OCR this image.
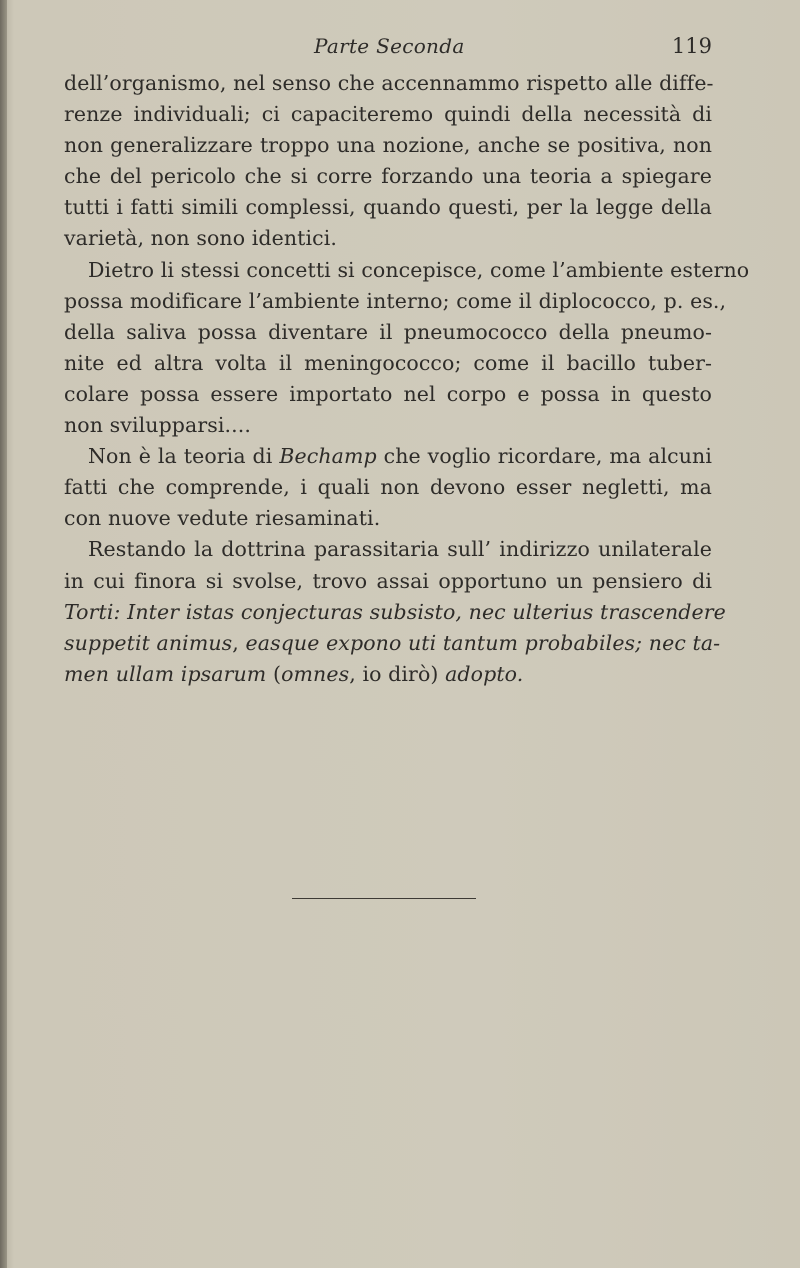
Parte Seconda	119
dell’organismo, nel senso che accennammo rispetto alle diffe-
renze individuali; ci capaciteremo quindi della necessità di
non generalizzare troppo una nozione, anche se positiva, non
che del pericolo che si corre forzando una teoria a spiegare
tutti i fatti simili complessi, quando questi, per la legge della
varietà, non sono identici.
Dietro li stessi concetti si concepisce, come l’ambiente esterno
possa modificare l’ambiente interno; come il diplococco, p. es.,
della saliva possa diventare il pneumococco della pneumo-
nite ed altra volta il meningococco; come il bacillo tuber-
colare possa essere importato nel corpo e possa in questo
non svilupparsi....
Non è la teoria di Bechamp che voglio ricordare, ma alcuni
fatti che comprende, i quali non devono esser negletti, ma
con nuove vedute riesaminati.
Restando la dottrina parassitaria sull’ indirizzo unilaterale
in cui finora si svolse, trovo assai opportuno un pensiero di
Torti: Inter istas conjecturas subsisto, nec ulterius trascendere
suppetit animus, easque expono uti tantum probabiles; nec ta-
men ullam ipsarum (omnes, io dirò) adopto.
